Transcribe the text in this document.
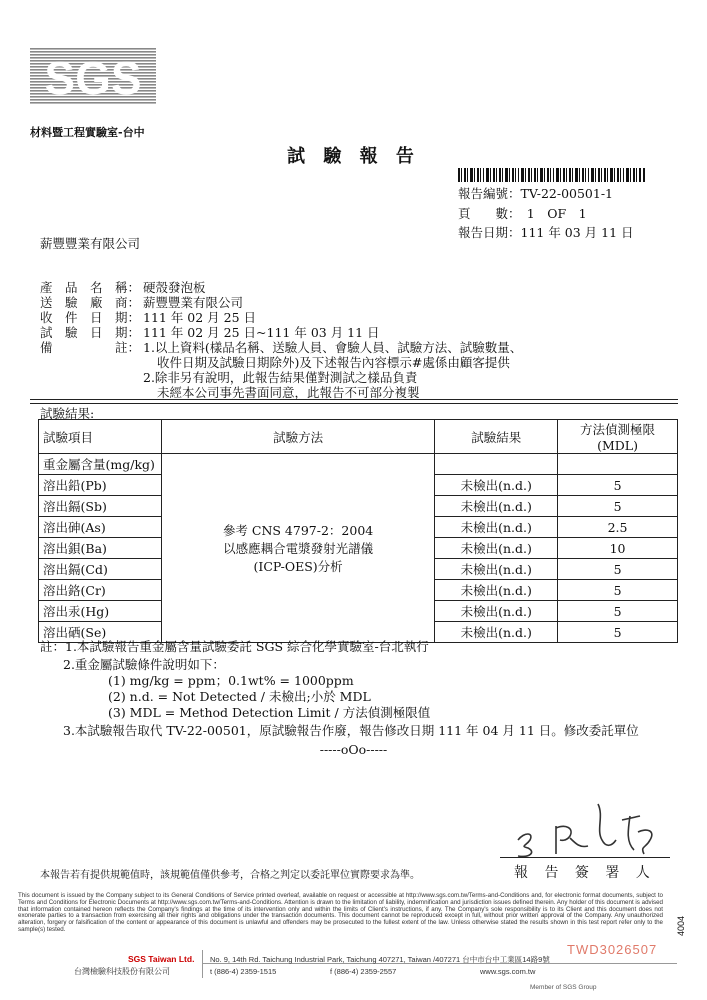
SGS
材料暨工程實驗室-台中
試 驗 報 告
報告編號：TV-22-00501-1
頁　　數：　1　OF　1
報告日期：111 年 03 月 11 日
薪豐豐業有限公司
產　品　名　稱： 硬殼發泡板
送　驗　廠　商： 薪豐豐業有限公司
收　件　日　期： 111 年 02 月 25 日
試　驗　日　期： 111 年 02 月 25 日~111 年 03 月 11 日
備　　　　　註： 1.以上資料(樣品名稱、送驗人員、會驗人員、試驗方法、試驗數量、
收件日期及試驗日期除外)及下述報告內容標示#處係由顧客提供
2.除非另有說明，此報告結果僅對測試之樣品負責
未經本公司事先書面同意，此報告不可部分複製
試驗結果:
試驗項目	試驗方法	試驗結果	方法偵測極限(MDL)
重金屬含量(mg/kg)	參考 CNS 4797-2：2004
以感應耦合電漿發射光譜儀
(ICP-OES)分析		

溶出鉛(Pb)		未檢出(n.d.)	5
溶出鎘(Sb)		未檢出(n.d.)	5
溶出砷(As)		未檢出(n.d.)	2.5
溶出鋇(Ba)		未檢出(n.d.)	10
溶出鎘(Cd)		未檢出(n.d.)	5
溶出鉻(Cr)		未檢出(n.d.)	5
溶出汞(Hg)		未檢出(n.d.)	5
溶出硒(Se)		未檢出(n.d.)	5
註：1.本試驗報告重金屬含量試驗委託 SGS 綜合化學實驗室-台北執行
2.重金屬試驗條件說明如下：
(1) mg/kg = ppm；0.1wt% = 1000ppm
(2) n.d. = Not Detected / 未檢出;小於 MDL
(3) MDL = Method Detection Limit / 方法偵測極限值
3.本試驗報告取代 TV-22-00501，原試驗報告作廢，報告修改日期 111 年 04 月 11 日。修改委託單位
-----oOo-----
報 告 簽 署 人
本報告若有提供規範值時，該規範值僅供參考，合格之判定以委託單位實際要求為準。
This document is issued by the Company subject to its General Conditions of Service printed overleaf, available on request or accessible at http://www.sgs.com.tw/Terms-and-Conditions and, for electronic format documents, subject to Terms and Conditions for Electronic Documents at http://www.sgs.com.tw/Terms-and-Conditions. Attention is drawn to the limitation of liability, indemnification and jurisdiction issues defined therein. Any holder of this document is advised that information contained hereon reflects the Company's findings at the time of its intervention only and within the limits of Client's instructions, if any. The Company's sole responsibility is to its Client and this document does not exonerate parties to a transaction from exercising all their rights and obligations under the transaction documents. This document cannot be reproduced except in full, without prior written approval of the Company. Any unauthorized alteration, forgery or falsification of the content or appearance of this document is unlawful and offenders may be prosecuted to the fullest extent of the law. Unless otherwise stated the results shown in this test report refer only to the sample(s) tested.
TWD3026507
4004
SGS Taiwan Ltd.
台灣檢驗科技股份有限公司
No. 9, 14th Rd. Taichung Industrial Park, Taichung 407271, Taiwan /407271 台中市台中工業區14路9號
t (886-4) 2359-1515	f (886-4) 2359-2557	www.sgs.com.tw
Member of SGS Group
